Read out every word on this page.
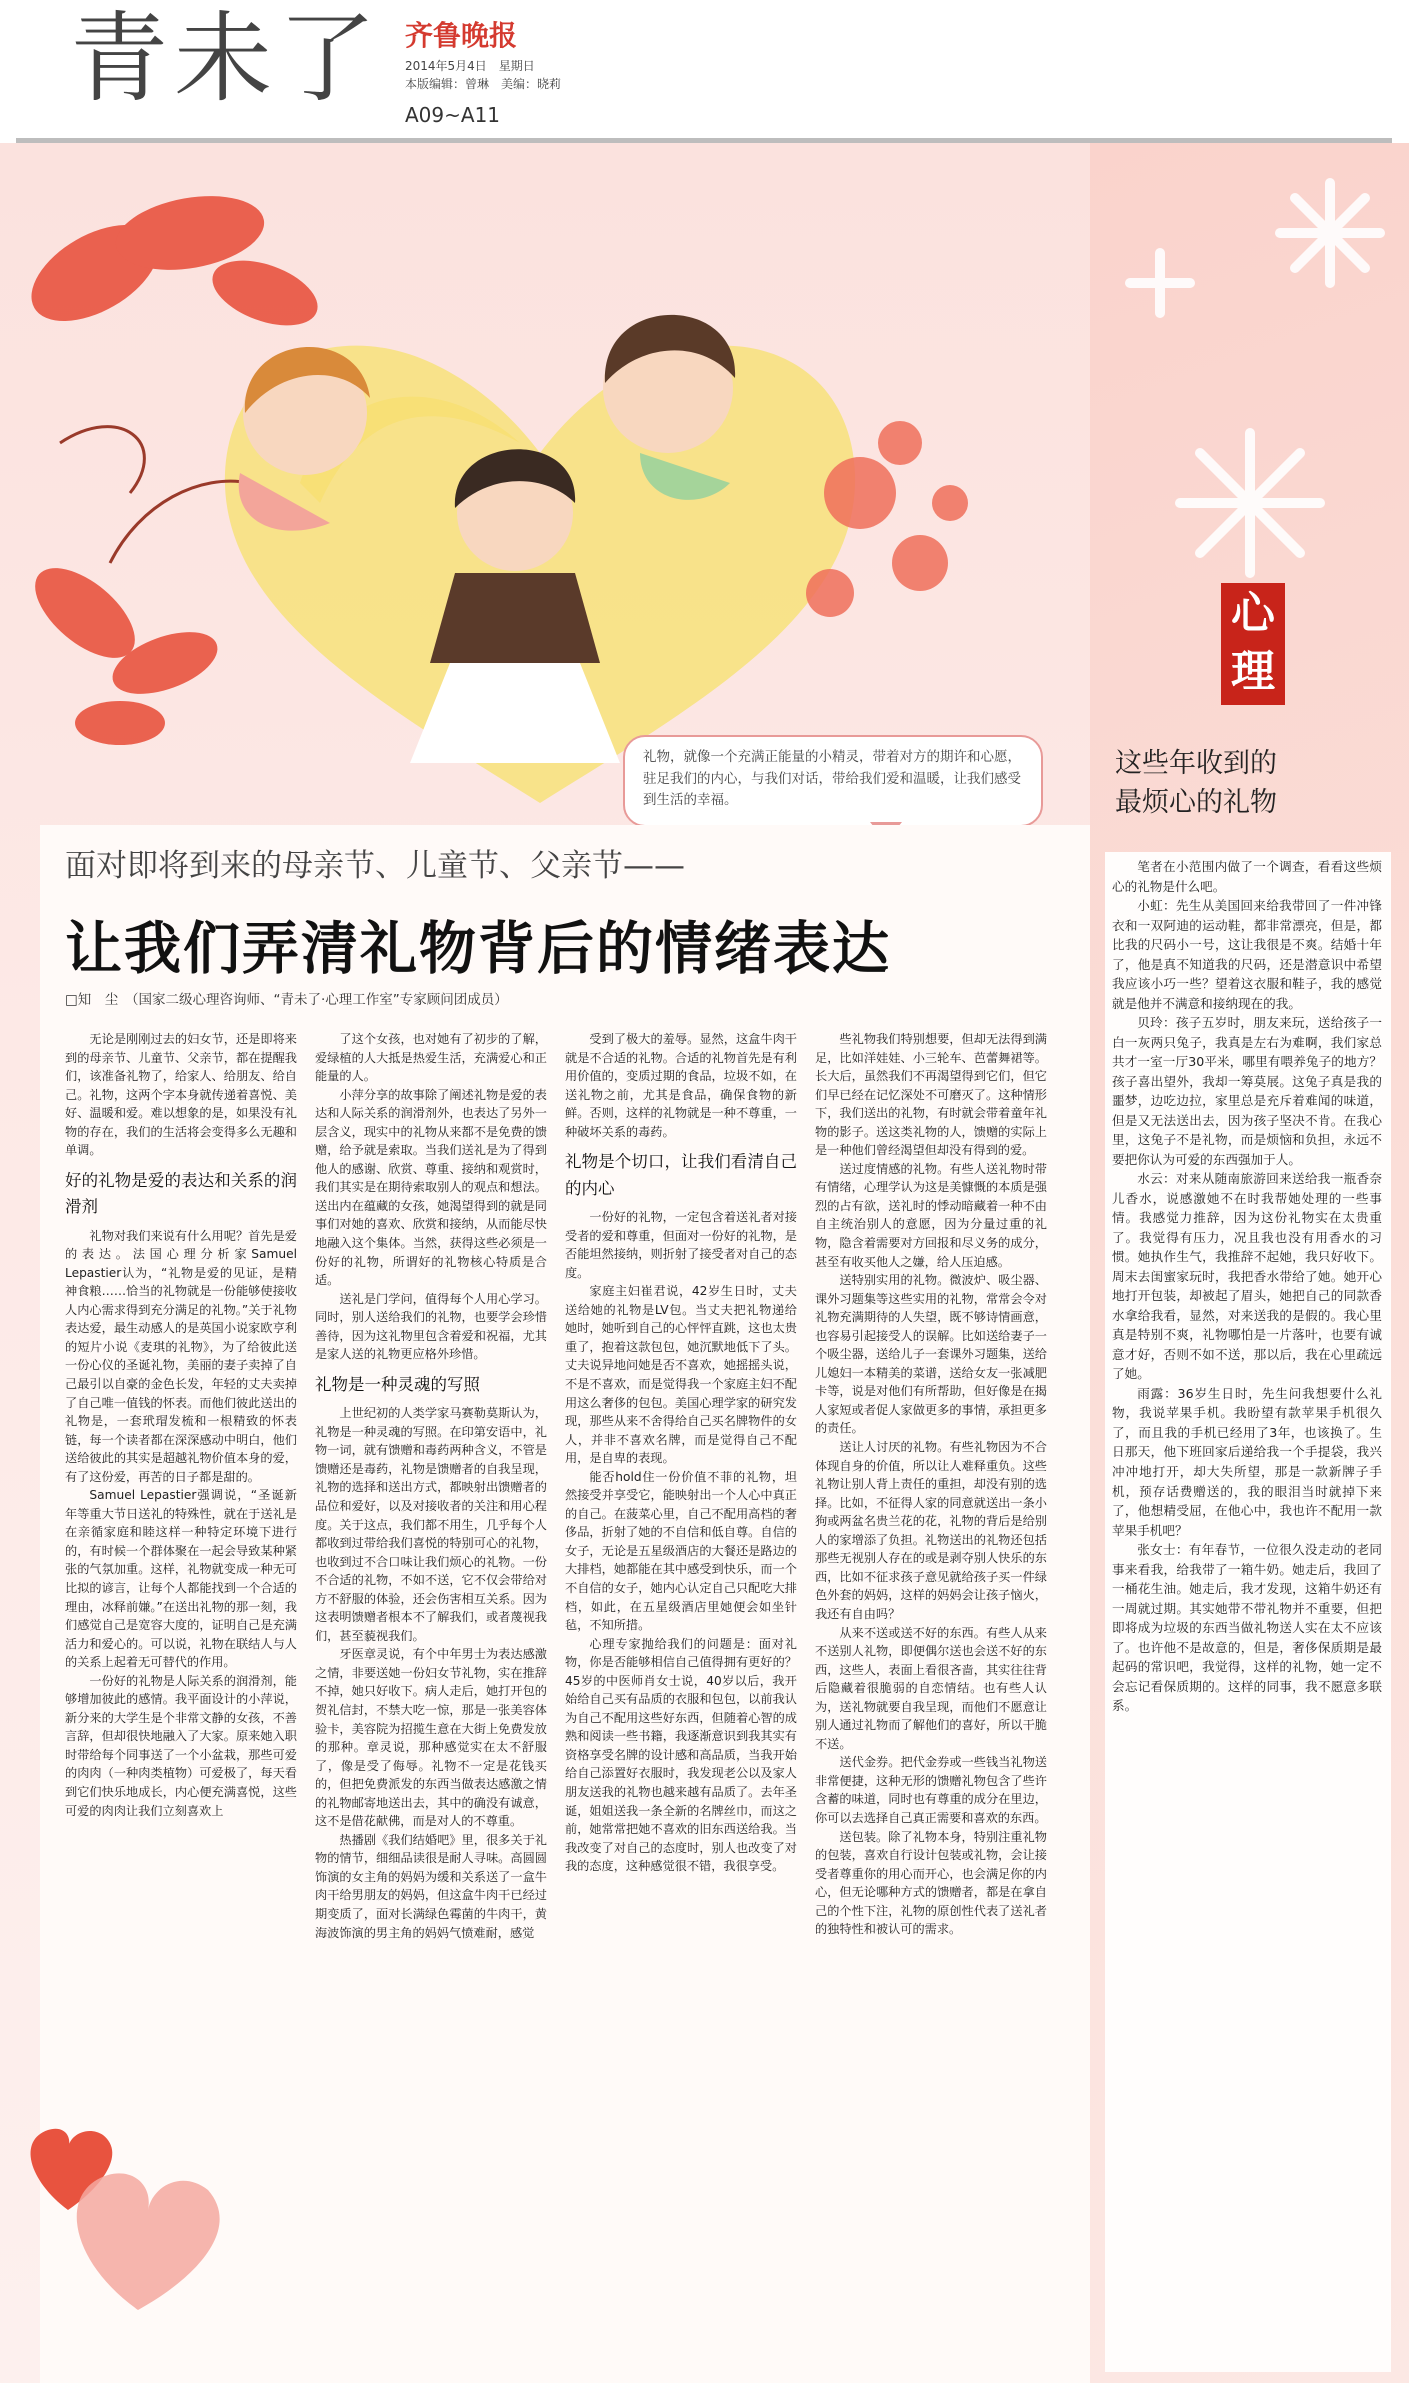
青未了 齐鲁晚报
2014年5月4日　星期日
本版编辑：曾琳　美编：晓莉
A09~A11
心理
礼物，就像一个充满正能量的小精灵，带着对方的期许和心愿，驻足我们的内心，与我们对话，带给我们爱和温暖，让我们感受到生活的幸福。
这些年收到的
最烦心的礼物
面对即将到来的母亲节、儿童节、父亲节——
让我们弄清礼物背后的情绪表达
□知　尘　（国家二级心理咨询师、“青未了·心理工作室”专家顾问团成员）

无论是刚刚过去的妇女节，还是即将来到的母亲节、儿童节、父亲节，都在提醒我们，该准备礼物了，给家人、给朋友、给自己。礼物，这两个字本身就传递着喜悦、美好、温暖和爱。难以想象的是，如果没有礼物的存在，我们的生活将会变得多么无趣和单调。

好的礼物是爱的表达和关系的润滑剂

礼物对我们来说有什么用呢？首先是爱的表达。法国心理分析家Samuel Lepastier认为，“礼物是爱的见证，是精神食粮……恰当的礼物就是一份能够使接收人内心需求得到充分满足的礼物。”关于礼物表达爱，最生动感人的是英国小说家欧亨利的短片小说《麦琪的礼物》，为了给彼此送一份心仪的圣诞礼物，美丽的妻子卖掉了自己最引以自豪的金色长发，年轻的丈夫卖掉了自己唯一值钱的怀表。而他们彼此送出的礼物是，一套玳瑁发梳和一根精致的怀表链，每一个读者都在深深感动中明白，他们送给彼此的其实是超越礼物价值本身的爱，有了这份爱，再苦的日子都是甜的。

Samuel Lepastier强调说，“圣诞新年等重大节日送礼的特殊性，就在于送礼是在亲循家庭和睦这样一种特定环境下进行的，有时候一个群体聚在一起会导致某种紧张的气氛加重。这样，礼物就变成一种无可比拟的谚言，让每个人都能找到一个合适的理由，冰释前嫌。”在送出礼物的那一刻，我们感觉自己是宽容大度的，证明自己是充满活力和爱心的。可以说，礼物在联结人与人的关系上起着无可替代的作用。

一份好的礼物是人际关系的润滑剂，能够增加彼此的感情。我平面设计的小萍说，新分来的大学生是个非常文静的女孩，不善言辞，但却很快地融入了大家。原来她入职时带给每个同事送了一个小盆栽，那些可爱的肉肉（一种肉类植物）可爱极了，每天看到它们快乐地成长，内心便充满喜悦，这些可爱的肉肉让我们立刻喜欢上

了这个女孩，也对她有了初步的了解，爱绿植的人大抵是热爱生活，充满爱心和正能量的人。

小萍分享的故事除了阐述礼物是爱的表达和人际关系的润滑剂外，也表达了另外一层含义，现实中的礼物从来都不是免费的馈赠，给予就是索取。当我们送礼是为了得到他人的感谢、欣赏、尊重、接纳和观赏时，我们其实是在期待索取别人的观点和想法。送出内在蕴藏的女孩，她渴望得到的就是同事们对她的喜欢、欣赏和接纳，从而能尽快地融入这个集体。当然，获得这些必须是一份好的礼物，所谓好的礼物核心特质是合适。

送礼是门学问，值得每个人用心学习。同时，别人送给我们的礼物，也要学会珍惜善待，因为这礼物里包含着爱和祝福，尤其是家人送的礼物更应格外珍惜。

礼物是一种灵魂的写照

上世纪初的人类学家马赛勒莫斯认为，礼物是一种灵魂的写照。在印第安语中，礼物一词，就有馈赠和毒药两种含义，不管是馈赠还是毒药，礼物是馈赠者的自我呈现，礼物的选择和送出方式，都映射出馈赠者的品位和爱好，以及对接收者的关注和用心程度。关于这点，我们都不用生，几乎每个人都收到过带给我们喜悦的特别可心的礼物，也收到过不合口味让我们烦心的礼物。一份不合适的礼物，不如不送，它不仅会带给对方不舒服的体验，还会伤害相互关系。因为这表明馈赠者根本不了解我们，或者蔑视我们，甚至藐视我们。

牙医章灵说，有个中年男士为表达感激之情，非要送她一份妇女节礼物，实在推辞不掉，她只好收下。病人走后，她打开包的贺礼信封，不禁大吃一惊，那是一张美容体验卡，美容院为招揽生意在大街上免费发放的那种。章灵说，那种感觉实在太不舒服了，像是受了侮辱。礼物不一定是花钱买的，但把免费派发的东西当做表达感激之情的礼物邮寄地送出去，其中的确没有诚意，这不是借花献佛，而是对人的不尊重。

热播剧《我们结婚吧》里，很多关于礼物的情节，细细品读很是耐人寻味。高圆圆饰演的女主角的妈妈为缓和关系送了一盒牛肉干给男朋友的妈妈，但这盒牛肉干已经过期变质了，面对长满绿色霉菌的牛肉干，黄海波饰演的男主角的妈妈气愤难耐，感觉

受到了极大的羞辱。显然，这盒牛肉干就是不合适的礼物。合适的礼物首先是有利用价值的，变质过期的食品，垃圾不如，在送礼物之前，尤其是食品，确保食物的新鲜。否则，这样的礼物就是一种不尊重，一种破坏关系的毒药。

礼物是个切口，让我们看清自己的内心

一份好的礼物，一定包含着送礼者对接受者的爱和尊重，但面对一份好的礼物，是否能坦然接纳，则折射了接受者对自己的态度。

家庭主妇崔君说，42岁生日时，丈夫送给她的礼物是LV包。当丈夫把礼物递给她时，她听到自己的心怦怦直跳，这也太贵重了，抱着这款包包，她沉默地低下了头。丈夫说异地问她是否不喜欢，她摇摇头说，不是不喜欢，而是觉得我一个家庭主妇不配用这么奢侈的包包。美国心理学家的研究发现，那些从来不舍得给自己买名牌物件的女人，并非不喜欢名牌，而是觉得自己不配用，是自卑的表现。

能否hold住一份价值不菲的礼物，坦然接受并享受它，能映射出一个人心中真正的自己。在菠菜心里，自己不配用高档的奢侈品，折射了她的不自信和低自尊。自信的女子，无论是五星级酒店的大餐还是路边的大排档，她都能在其中感受到快乐，而一个不自信的女子，她内心认定自己只配吃大排档，如此，在五星级酒店里她便会如坐针毡，不知所措。

心理专家抛给我们的问题是：面对礼物，你是否能够相信自己值得拥有更好的？45岁的中医师肖女士说，40岁以后，我开始给自己买有品质的衣服和包包，以前我认为自己不配用这些好东西，但随着心智的成熟和阅读一些书籍，我逐渐意识到我其实有资格享受名牌的设计感和高品质，当我开始给自己添置好衣服时，我发现老公以及家人朋友送我的礼物也越来越有品质了。去年圣诞，姐姐送我一条全新的名牌丝巾，而这之前，她常常把她不喜欢的旧东西送给我。当我改变了对自己的态度时，别人也改变了对我的态度，这种感觉很不错，我很享受。

些礼物我们特别想要，但却无法得到满足，比如洋娃娃、小三轮车、芭蕾舞裙等。长大后，虽然我们不再渴望得到它们，但它们早已经在记忆深处不可磨灭了。这种情形下，我们送出的礼物，有时就会带着童年礼物的影子。送这类礼物的人，馈赠的实际上是一种他们曾经渴望但却没有得到的爱。

送过度情感的礼物。有些人送礼物时带有情绪，心理学认为这是美慷慨的本质是强烈的占有欲，送礼时的悸动暗藏着一种不由自主统治别人的意愿，因为分量过重的礼物，隐含着需要对方回报和尽义务的成分，甚至有收买他人之嫌，给人压迫感。

送特别实用的礼物。微波炉、吸尘器、课外习题集等这些实用的礼物，常常会令对礼物充满期待的人失望，既不够诗情画意，也容易引起接受人的误解。比如送给妻子一个吸尘器，送给儿子一套课外习题集，送给儿媳妇一本精美的菜谱，送给女友一张减肥卡等，说是对他们有所帮助，但好像是在揭人家短或者促人家做更多的事情，承担更多的责任。

送让人讨厌的礼物。有些礼物因为不合体现自身的价值，所以让人难释重负。这些礼物让别人背上责任的重担，却没有别的选择。比如，不征得人家的同意就送出一条小狗或两盆名贵兰花的花，礼物的背后是给别人的家增添了负担。礼物送出的礼物还包括那些无视别人存在的或是剥夺别人快乐的东西，比如不征求孩子意见就给孩子买一件绿色外套的妈妈，这样的妈妈会让孩子恼火，我还有自由吗？

从来不送或送不好的东西。有些人从来不送别人礼物，即便偶尔送也会送不好的东西，这些人，表面上看很吝啬，其实往往背后隐藏着很脆弱的自恋情结。也有些人认为，送礼物就要自我呈现，而他们不愿意让别人通过礼物而了解他们的喜好，所以干脆不送。

送代金券。把代金券或一些钱当礼物送非常便捷，这种无形的馈赠礼物包含了些许含蓄的味道，同时也有尊重的成分在里边，你可以去选择自己真正需要和喜欢的东西。

送包装。除了礼物本身，特别注重礼物的包装，喜欢自行设计包装或礼物，会让接受者尊重你的用心而开心，也会满足你的内心，但无论哪种方式的馈赠者，都是在拿自己的个性下注，礼物的原创性代表了送礼者的独特性和被认可的需求。

笔者在小范围内做了一个调查，看看这些烦心的礼物是什么吧。

小虹：先生从美国回来给我带回了一件冲锋衣和一双阿迪的运动鞋，都非常漂亮，但是，都比我的尺码小一号，这让我很是不爽。结婚十年了，他是真不知道我的尺码，还是潜意识中希望我应该小巧一些？望着这衣服和鞋子，我的感觉就是他并不满意和接纳现在的我。

贝玲：孩子五岁时，朋友来玩，送给孩子一白一灰两只兔子，我真是左右为难啊，我们家总共才一室一厅30平米，哪里有喂养兔子的地方？孩子喜出望外，我却一筹莫展。这兔子真是我的噩梦，边吃边拉，家里总是充斥着难闻的味道，但是又无法送出去，因为孩子坚决不肯。在我心里，这兔子不是礼物，而是烦恼和负担，永远不要把你认为可爱的东西强加于人。

水云：对来从随南旅游回来送给我一瓶香奈儿香水，说感激她不在时我帮她处理的一些事情。我感觉力推辞，因为这份礼物实在太贵重了。我觉得有压力，况且我也没有用香水的习惯。她执作生气，我推辞不起她，我只好收下。周末去闺蜜家玩时，我把香水带给了她。她开心地打开包装，却被起了眉头，她把自己的同款香水拿给我看，显然，对来送我的是假的。我心里真是特别不爽，礼物哪怕是一片落叶，也要有诚意才好，否则不如不送，那以后，我在心里疏远了她。

雨露：36岁生日时，先生问我想要什么礼物，我说苹果手机。我盼望有款苹果手机很久了，而且我的手机已经用了3年，也该换了。生日那天，他下班回家后递给我一个手提袋，我兴冲冲地打开，却大失所望，那是一款新牌子手机，预存话费赠送的，我的眼泪当时就掉下来了，他想精受屈，在他心中，我也许不配用一款苹果手机吧？

张女士：有年春节，一位很久没走动的老同事来看我，给我带了一箱牛奶。她走后，我回了一桶花生油。她走后，我才发现，这箱牛奶还有一周就过期。其实她带不带礼物并不重要，但把即将成为垃圾的东西当做礼物送人实在太不应该了。也许他不是故意的，但是，奢侈保质期是最起码的常识吧，我觉得，这样的礼物，她一定不会忘记看保质期的。这样的同事，我不愿意多联系。
